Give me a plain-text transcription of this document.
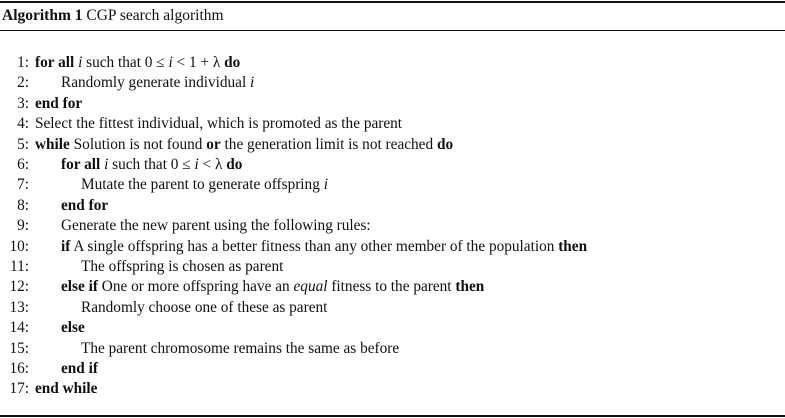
Algorithm 1 CGP search algorithm
1: for all i such that 0 ≤ i < 1 + λ do
2: Randomly generate individual i
3: end for
4: Select the fittest individual, which is promoted as the parent
5: while Solution is not found or the generation limit is not reached do
6: for all i such that 0 ≤ i < λ do
7:	Mutate the parent to generate offspring i
8: end for
9: Generate the new parent using the following rules:
10: if A single offspring has a better fitness than any other member of the population then
11:	The offspring is chosen as parent
12: else if One or more offspring have an equal fitness to the parent then
13:	Randomly choose one of these as parent
14: else
15:	The parent chromosome remains the same as before
16: end if
17: end while
